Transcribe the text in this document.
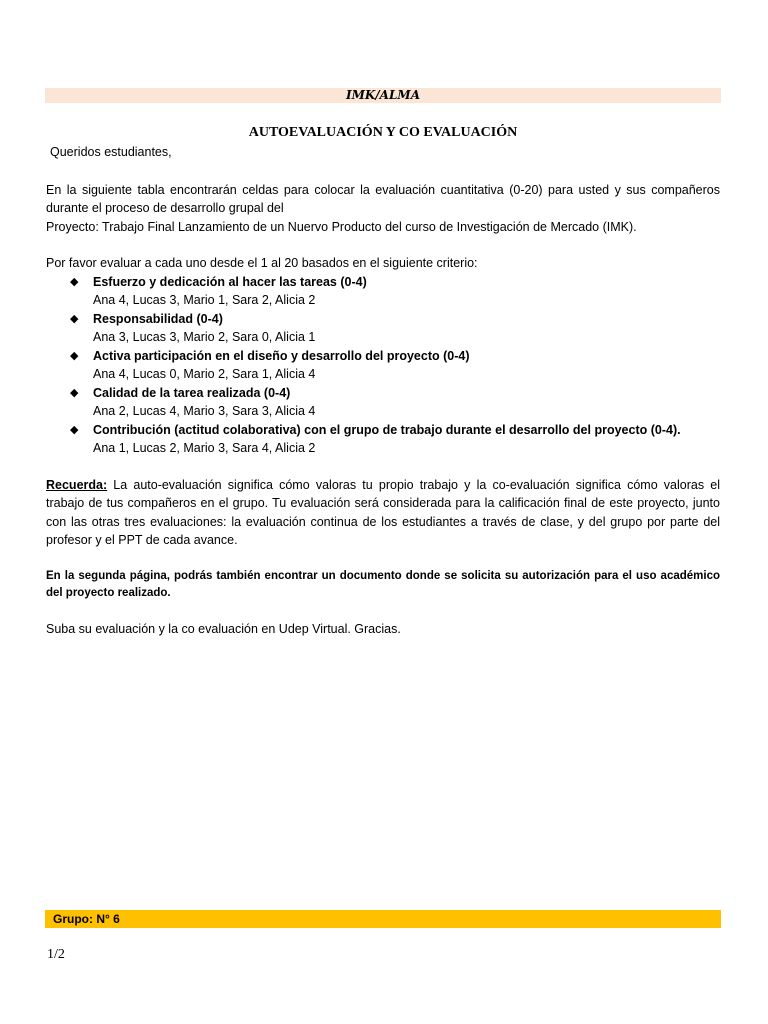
IMK/ALMA
AUTOEVALUACIÓN Y CO EVALUACIÓN

Queridos estudiantes,

En la siguiente tabla encontrarán celdas para colocar la evaluación cuantitativa (0-20) para usted y sus compañeros durante el proceso de desarrollo grupal del
Proyecto: Trabajo Final Lanzamiento de un Nuervo Producto del curso de Investigación de Mercado (IMK).

Por favor evaluar a cada uno desde el 1 al 20 basados en el siguiente criterio:

◆ Esfuerzo y dedicación al hacer las tareas (0-4)
Ana 4, Lucas 3, Mario 1, Sara 2, Alicia 2
◆ Responsabilidad (0-4)
Ana 3, Lucas 3, Mario 2, Sara 0, Alicia 1
◆ Activa participación en el diseño y desarrollo del proyecto (0-4)
Ana 4, Lucas 0, Mario 2, Sara 1, Alicia 4
◆ Calidad de la tarea realizada (0-4)
Ana 2, Lucas 4, Mario 3, Sara 3, Alicia 4
◆ Contribución (actitud colaborativa) con el grupo de trabajo durante el desarrollo del proyecto (0-4).
Ana 1, Lucas 2, Mario 3, Sara 4, Alicia 2

Recuerda: La auto-evaluación significa cómo valoras tu propio trabajo y la co-evaluación significa cómo valoras el trabajo de tus compañeros en el grupo. Tu evaluación será considerada para la calificación final de este proyecto, junto con las otras tres evaluaciones: la evaluación continua de los estudiantes a través de clase, y del grupo por parte del profesor y el PPT de cada avance.

En la segunda página, podrás también encontrar un documento donde se solicita su autorización para el uso académico del proyecto realizado.

Suba su evaluación y la co evaluación en Udep Virtual. Gracias.

Grupo: N° 6
1/2
